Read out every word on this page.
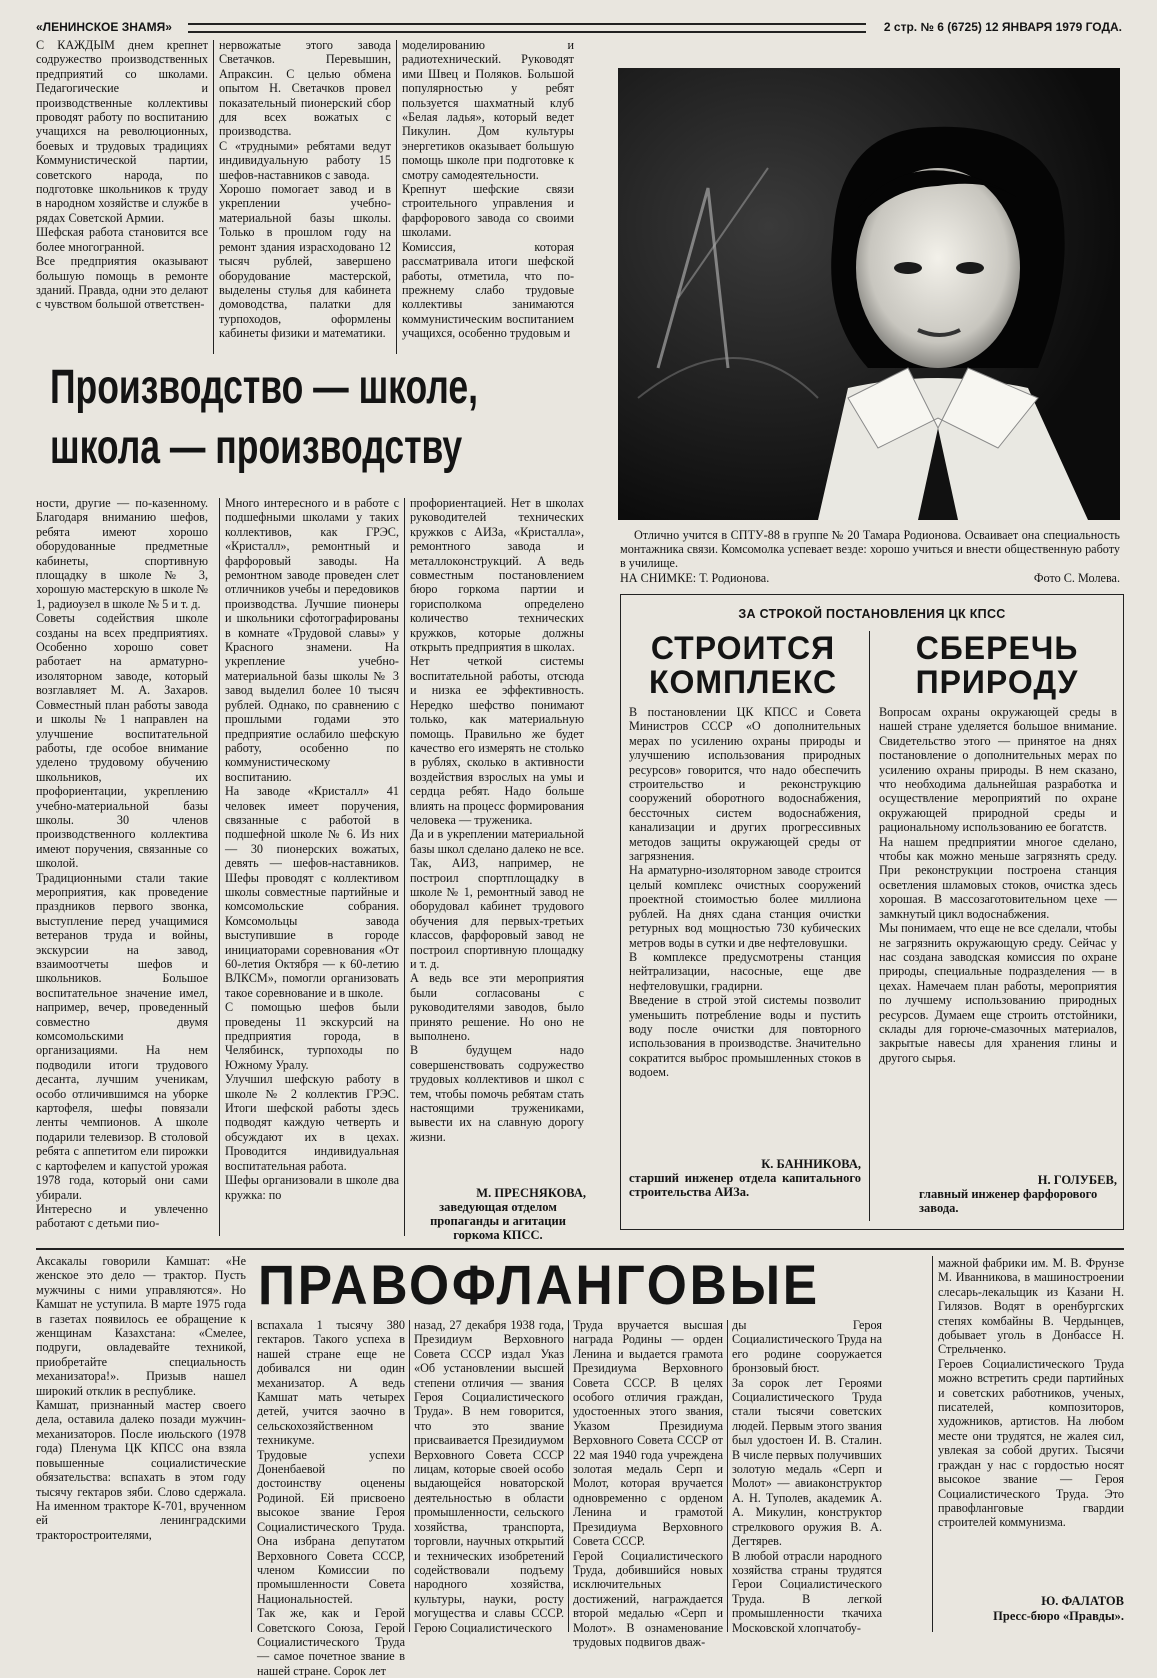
«ЛЕНИНСКОЕ ЗНАМЯ»	2 стр. № 6 (6725) 12 ЯНВАРЯ 1979 ГОДА.

С КАЖДЫМ днем крепнет содружество производственных предприятий со школами. Педагогические и производственные коллективы проводят работу по воспитанию учащихся на революционных, боевых и трудовых традициях Коммунистической партии, советского народа, по подготовке школьников к труду в народном хозяйстве и службе в рядах Советской Армии.
Шефская работа становится все более многогранной.
Все предприятия оказывают большую помощь в ремонте зданий. Правда, одни это делают с чувством большой ответствен-

нервожатые этого завода Светачков. Перевышин, Апраксин. С целью обмена опытом Н. Светачков провел показательный пионерский сбор для всех вожатых с производства.
С «трудными» ребятами ведут индивидуальную работу 15 шефов-наставников с завода.
Хорошо помогает завод и в укреплении учебно-материальной базы школы. Только в прошлом году на ремонт здания израсходовано 12 тысяч рублей, завершено оборудование мастерской, выделены стулья для кабинета домоводства, палатки для турпоходов, оформлены кабинеты физики и математики.

моделированию и радиотехнический. Руководят ими Швец и Поляков. Большой популярностью у ребят пользуется шахматный клуб «Белая ладья», который ведет Пикулин. Дом культуры энергетиков оказывает большую помощь школе при подготовке к смотру самодеятельности.
Крепнут шефские связи строительного управления и фарфорового завода со своими школами.
Комиссия, которая рассматривала итоги шефской работы, отметила, что по-прежнему слабо трудовые коллективы занимаются коммунистическим воспитанием учащихся, особенно трудовым и

Производство — школе,
школа — производству

ности, другие — по-казенному. Благодаря вниманию шефов, ребята имеют хорошо оборудованные предметные кабинеты, спортивную площадку в школе № 3, хорошую мастерскую в школе № 1, радиоузел в школе № 5 и т. д.
Советы содействия школе созданы на всех предприятиях. Особенно хорошо совет работает на арматурно-изоляторном заводе, который возглавляет М. А. Захаров. Совместный план работы завода и школы № 1 направлен на улучшение воспитательной работы, где особое внимание уделено трудовому обучению школьников, их профориентации, укреплению учебно-материальной базы школы. 30 членов производственного коллектива имеют поручения, связанные со школой.
Традиционными стали такие мероприятия, как проведение праздников первого звонка, выступление перед учащимися ветеранов труда и войны, экскурсии на завод, взаимоотчеты шефов и школьников. Большое воспитательное значение имел, например, вечер, проведенный совместно двумя комсомольскими организациями. На нем подводили итоги трудового десанта, лучшим ученикам, особо отличившимся на уборке картофеля, шефы повязали ленты чемпионов. А школе подарили телевизор. В столовой ребята с аппетитом ели пирожки с картофелем и капустой урожая 1978 года, который они сами убирали.
Интересно и увлеченно работают с детьми пио-

Много интересного и в работе с подшефными школами у таких коллективов, как ГРЭС, «Кристалл», ремонтный и фарфоровый заводы. На ремонтном заводе проведен слет отличников учебы и передовиков производства. Лучшие пионеры и школьники сфотографированы в комнате «Трудовой славы» у Красного знамени. На укрепление учебно-материальной базы школы № 3 завод выделил более 10 тысяч рублей. Однако, по сравнению с прошлыми годами это предприятие ослабило шефскую работу, особенно по коммунистическому воспитанию.
На заводе «Кристалл» 41 человек имеет поручения, связанные с работой в подшефной школе № 6. Из них — 30 пионерских вожатых, девять — шефов-наставников. Шефы проводят с коллективом школы совместные партийные и комсомольские собрания. Комсомольцы завода выступившие в городе инициаторами соревнования «От 60-летия Октября — к 60-летию ВЛКСМ», помогли организовать такое соревнование и в школе.
С помощью шефов были проведены 11 экскурсий на предприятия города, в Челябинск, турпоходы по Южному Уралу.
Улучшил шефскую работу в школе № 2 коллектив ГРЭС. Итоги шефской работы здесь подводят каждую четверть и обсуждают их в цехах. Проводится индивидуальная воспитательная работа.
Шефы организовали в школе два кружка: по

профориентацией. Нет в школах руководителей технических кружков с АИЗа, «Кристалла», ремонтного завода и металлоконструкций. А ведь совместным постановлением бюро горкома партии и горисполкома определено количество технических кружков, которые должны открыть предприятия в школах.
Нет четкой системы воспитательной работы, отсюда и низка ее эффективность. Нередко шефство понимают только, как материальную помощь. Правильно же будет качество его измерять не столько в рублях, сколько в активности воздействия взрослых на умы и сердца ребят. Надо больше влиять на процесс формирования человека — труженика.
Да и в укреплении материальной базы школ сделано далеко не все. Так, АИЗ, например, не построил спортплощадку в школе № 1, ремонтный завод не оборудовал кабинет трудового обучения для первых-третьих классов, фарфоровый завод не построил спортивную площадку и т. д.
А ведь все эти мероприятия были согласованы с руководителями заводов, было принято решение. Но оно не выполнено.
В будущем надо совершенствовать содружество трудовых коллективов и школ с тем, чтобы помочь ребятам стать настоящими тружениками, вывести их на славную дорогу жизни.

М. ПРЕСНЯКОВА,
заведующая отделом пропаганды и агитации горкома КПСС.
Отлично учится в СПТУ-88 в группе № 20 Тамара Родионова. Осваивает она специальность монтажника связи. Комсомолка успевает везде: хорошо учиться и внести общественную работу в училище.
НА СНИМКЕ: Т. Родионова.	Фото С. Молева.
ЗА СТРОКОЙ ПОСТАНОВЛЕНИЯ ЦК КПСС
СТРОИТСЯ
КОМПЛЕКС

В постановлении ЦК КПСС и Совета Министров СССР «О дополнительных мерах по усилению охраны природы и улучшению использования природных ресурсов» говорится, что надо обеспечить строительство и реконструкцию сооружений оборотного водоснабжения, бессточных систем водоснабжения, канализации и других прогрессивных методов защиты окружающей среды от загрязнения.
На арматурно-изоляторном заводе строится целый комплекс очистных сооружений проектной стоимостью более миллиона рублей. На днях сдана станция очистки ретурных вод мощностью 730 кубических метров воды в сутки и две нефтеловушки.
В комплексе предусмотрены станция нейтрализации, насосные, еще две нефтеловушки, градирни.
Введение в строй этой системы позволит уменьшить потребление воды и пустить воду после очистки для повторного использования в производстве. Значительно сократится выброс промышленных стоков в водоем.

К. БАННИКОВА,
старший инженер отдела капитального строительства АИЗа.
СБЕРЕЧЬ
ПРИРОДУ

Вопросам охраны окружающей среды в нашей стране уделяется большое внимание. Свидетельство этого — принятое на днях постановление о дополнительных мерах по усилению охраны природы. В нем сказано, что необходима дальнейшая разработка и осуществление мероприятий по охране окружающей природной среды и рациональному использованию ее богатств.
На нашем предприятии многое сделано, чтобы как можно меньше загрязнять среду. При реконструкции построена станция осветления шламовых стоков, очистка здесь хорошая. В массозаготовительном цехе — замкнутый цикл водоснабжения.
Мы понимаем, что еще не все сделали, чтобы не загрязнить окружающую среду. Сейчас у нас создана заводская комиссия по охране природы, специальные подразделения — в цехах. Намечаем план работы, мероприятия по лучшему использованию природных ресурсов. Думаем еще строить отстойники, склады для горюче-смазочных материалов, закрытые навесы для хранения глины и другого сырья.

Н. ГОЛУБЕВ,
главный инженер фарфорового завода.
ПРАВОФЛАНГОВЫЕ

Аксакалы говорили Камшат: «Не женское это дело — трактор. Пусть мужчины с ними управляются». Но Камшат не уступила. В марте 1975 года в газетах появилось ее обращение к женщинам Казахстана: «Смелее, подруги, овладевайте техникой, приобретайте специальность механизатора!». Призыв нашел широкий отклик в республике.
Камшат, признанный мастер своего дела, оставила далеко позади мужчин-механизаторов. После июльского (1978 года) Пленума ЦК КПСС она взяла повышенные социалистические обязательства: вспахать в этом году тысячу гектаров зяби. Слово сдержала. На именном тракторе К-701, врученном ей ленинградскими тракторостроителями,

вспахала 1 тысячу 380 гектаров. Такого успеха в нашей стране еще не добивался ни один механизатор. А ведь Камшат мать четырех детей, учится заочно в сельскохозяйственном техникуме.
Трудовые успехи Доненбаевой по достоинству оценены Родиной. Ей присвоено высокое звание Героя Социалистического Труда. Она избрана депутатом Верховного Совета СССР, членом Комиссии по промышленности Совета Национальностей.
Так же, как и Герой Советского Союза, Герой Социалистического Труда — самое почетное звание в нашей стране. Сорок лет

назад, 27 декабря 1938 года, Президиум Верховного Совета СССР издал Указ «Об установлении высшей степени отличия — звания Героя Социалистического Труда». В нем говорится, что это звание присваивается Президиумом Верховного Совета СССР лицам, которые своей особо выдающейся новаторской деятельностью в области промышленности, сельского хозяйства, транспорта, торговли, научных открытий и технических изобретений содействовали подъему народного хозяйства, культуры, науки, росту могущества и славы СССР. Герою Социалистического

Труда вручается высшая награда Родины — орден Ленина и выдается грамота Президиума Верховного Совета СССР. В целях особого отличия граждан, удостоенных этого звания, Указом Президиума Верховного Совета СССР от 22 мая 1940 года учреждена золотая медаль Серп и Молот, которая вручается одновременно с орденом Ленина и грамотой Президиума Верховного Совета СССР.
Герой Социалистического Труда, добившийся новых исключительных достижений, награждается второй медалью «Серп и Молот». В ознаменование трудовых подвигов дваж-

ды Героя Социалистического Труда на его родине сооружается бронзовый бюст.
За сорок лет Героями Социалистического Труда стали тысячи советских людей. Первым этого звания был удостоен И. В. Сталин. В числе первых получивших золотую медаль «Серп и Молот» — авиаконструктор А. Н. Туполев, академик А. А. Микулин, конструктор стрелкового оружия В. А. Дегтярев.
В любой отрасли народного хозяйства страны трудятся Герои Социалистического Труда. В легкой промышленности ткачиха Московской хлопчатобу-

мажной фабрики им. М. В. Фрунзе М. Иванникова, в машиностроении слесарь-лекальщик из Казани Н. Гилязов. Водят в оренбургских степях комбайны В. Чердынцев, добывает уголь в Донбассе Н. Стрельченко.
Героев Социалистического Труда можно встретить среди партийных и советских работников, ученых, писателей, композиторов, художников, артистов. На любом месте они трудятся, не жалея сил, увлекая за собой других. Тысячи граждан у нас с гордостью носят высокое звание — Героя Социалистического Труда. Это правофланговые гвардии строителей коммунизма.

Ю. ФАЛАТОВ
Пресс-бюро «Правды».
